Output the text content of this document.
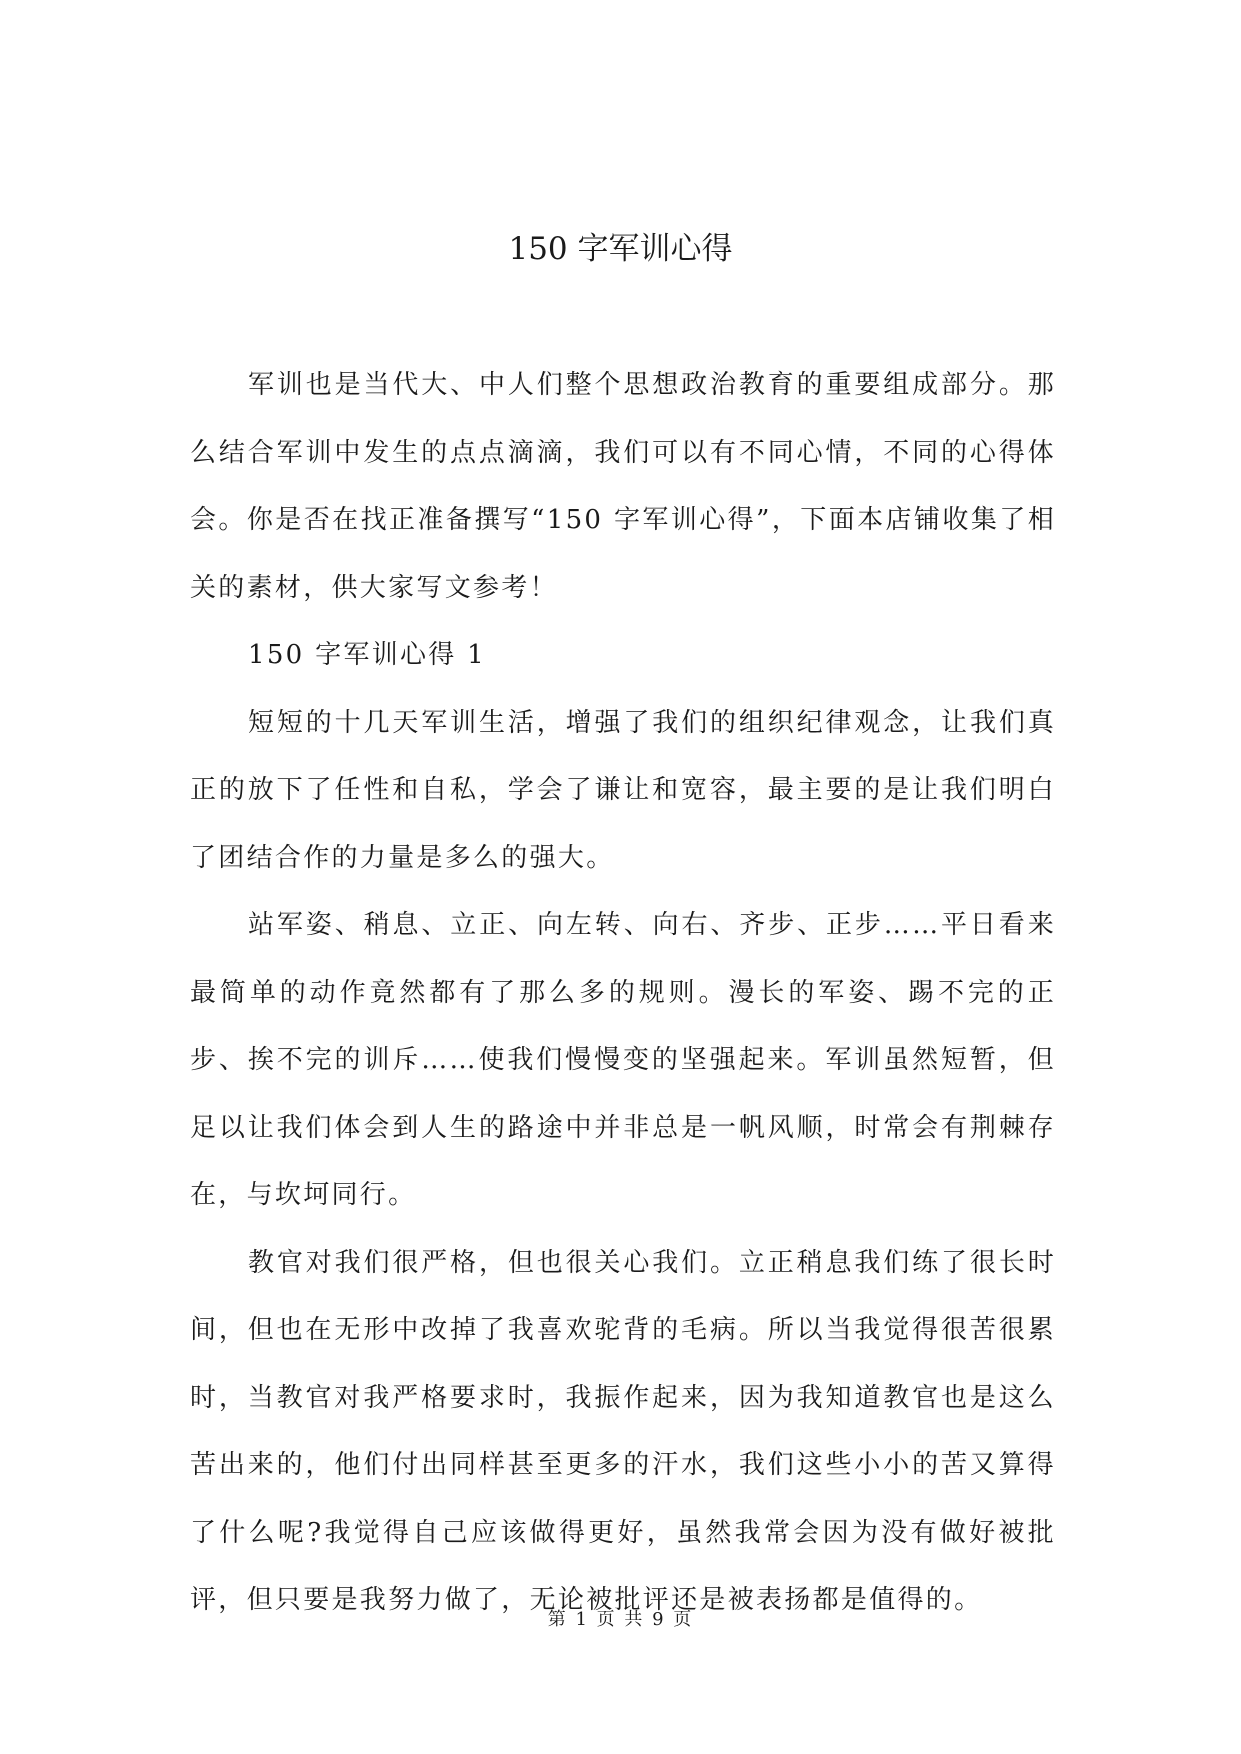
150 字军训心得

军训也是当代大、中人们整个思想政治教育的重要组成部分。那么结合军训中发生的点点滴滴，我们可以有不同心情，不同的心得体会。你是否在找正准备撰写“150 字军训心得”，下面本店铺收集了相关的素材，供大家写文参考！

150 字军训心得 1

短短的十几天军训生活，增强了我们的组织纪律观念，让我们真正的放下了任性和自私，学会了谦让和宽容，最主要的是让我们明白了团结合作的力量是多么的强大。

站军姿、稍息、立正、向左转、向右、齐步、正步……平日看来最简单的动作竟然都有了那么多的规则。漫长的军姿、踢不完的正步、挨不完的训斥……使我们慢慢变的坚强起来。军训虽然短暂，但足以让我们体会到人生的路途中并非总是一帆风顺，时常会有荆棘存在，与坎坷同行。

教官对我们很严格，但也很关心我们。立正稍息我们练了很长时间，但也在无形中改掉了我喜欢驼背的毛病。所以当我觉得很苦很累时，当教官对我严格要求时，我振作起来，因为我知道教官也是这么苦出来的，他们付出同样甚至更多的汗水，我们这些小小的苦又算得了什么呢?我觉得自己应该做得更好，虽然我常会因为没有做好被批评，但只要是我努力做了，无论被批评还是被表扬都是值得的。

第 1 页 共 9 页
